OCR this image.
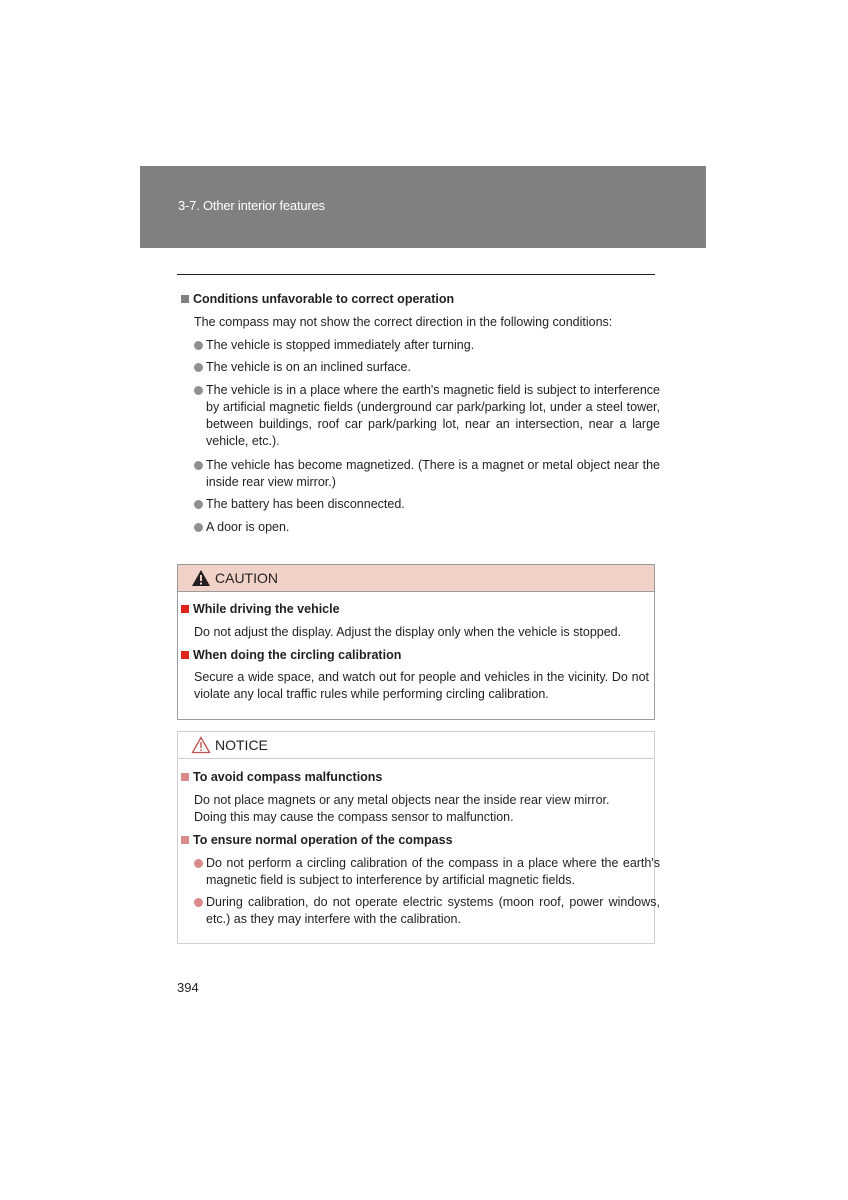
3-7. Other interior features
Conditions unfavorable to correct operation
The compass may not show the correct direction in the following conditions:
The vehicle is stopped immediately after turning.
The vehicle is on an inclined surface.
The vehicle is in a place where the earth's magnetic field is subject to interference by artificial magnetic fields (underground car park/parking lot, under a steel tower, between buildings, roof car park/parking lot, near an intersection, near a large vehicle, etc.).
The vehicle has become magnetized. (There is a magnet or metal object near the inside rear view mirror.)
The battery has been disconnected.
A door is open.
CAUTION
While driving the vehicle
Do not adjust the display. Adjust the display only when the vehicle is stopped.
When doing the circling calibration
Secure a wide space, and watch out for people and vehicles in the vicinity. Do not violate any local traffic rules while performing circling calibration.
NOTICE
To avoid compass malfunctions
Do not place magnets or any metal objects near the inside rear view mirror.
Doing this may cause the compass sensor to malfunction.
To ensure normal operation of the compass
Do not perform a circling calibration of the compass in a place where the earth's magnetic field is subject to interference by artificial magnetic fields.
During calibration, do not operate electric systems (moon roof, power windows, etc.) as they may interfere with the calibration.
394
